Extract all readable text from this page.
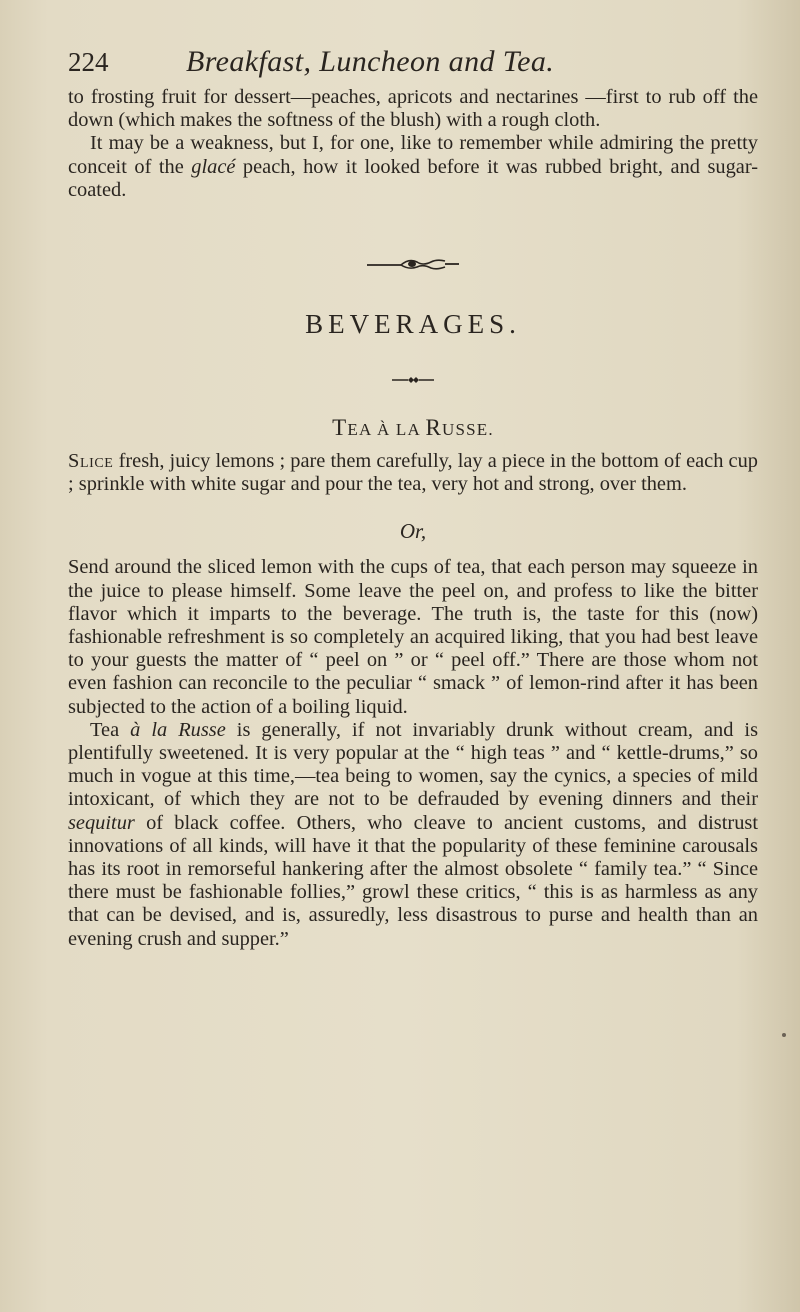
224	Breakfast, Luncheon and Tea.

to frosting fruit for dessert—peaches, apricots and nectarines —first to rub off the down (which makes the softness of the blush) with a rough cloth.

It may be a weakness, but I, for one, like to remember while admiring the pretty conceit of the glacé peach, how it looked before it was rubbed bright, and sugar-coated.

BEVERAGES.
TEA À LA RUSSE.

Slice fresh, juicy lemons ; pare them carefully, lay a piece in the bottom of each cup ; sprinkle with white sugar and pour the tea, very hot and strong, over them.

Or,

Send around the sliced lemon with the cups of tea, that each person may squeeze in the juice to please himself. Some leave the peel on, and profess to like the bitter flavor which it imparts to the beverage. The truth is, the taste for this (now) fashionable refreshment is so completely an acquired liking, that you had best leave to your guests the matter of “ peel on ” or “ peel off.” There are those whom not even fashion can reconcile to the peculiar “ smack ” of lemon-rind after it has been subjected to the action of a boiling liquid.

Tea à la Russe is generally, if not invariably drunk without cream, and is plentifully sweetened. It is very popular at the “ high teas ” and “ kettle-drums,” so much in vogue at this time,—tea being to women, say the cynics, a species of mild intoxicant, of which they are not to be defrauded by evening dinners and their sequitur of black coffee. Others, who cleave to ancient customs, and distrust innovations of all kinds, will have it that the popularity of these feminine carousals has its root in remorseful hankering after the almost obsolete “ family tea.” “ Since there must be fashionable follies,” growl these critics, “ this is as harmless as any that can be devised, and is, assuredly, less disastrous to purse and health than an evening crush and supper.”
